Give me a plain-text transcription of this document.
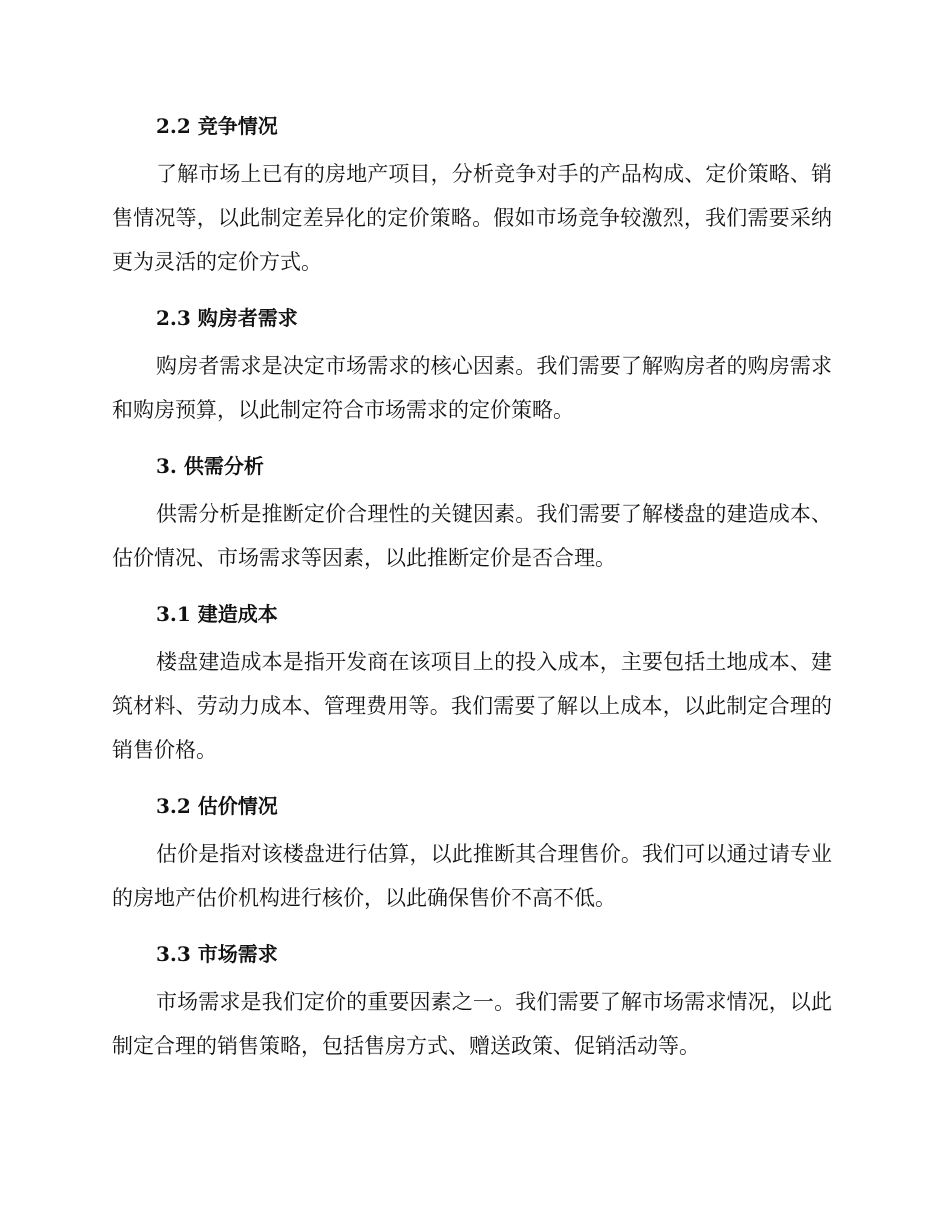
2.2 竞争情况

了解市场上已有的房地产项目，分析竞争对手的产品构成、定价策略、销售情况等，以此制定差异化的定价策略。假如市场竞争较激烈，我们需要采纳更为灵活的定价方式。

2.3 购房者需求

购房者需求是决定市场需求的核心因素。我们需要了解购房者的购房需求和购房预算，以此制定符合市场需求的定价策略。

3. 供需分析

供需分析是推断定价合理性的关键因素。我们需要了解楼盘的建造成本、估价情况、市场需求等因素，以此推断定价是否合理。

3.1 建造成本

楼盘建造成本是指开发商在该项目上的投入成本，主要包括土地成本、建筑材料、劳动力成本、管理费用等。我们需要了解以上成本，以此制定合理的销售价格。

3.2 估价情况

估价是指对该楼盘进行估算，以此推断其合理售价。我们可以通过请专业的房地产估价机构进行核价，以此确保售价不高不低。

3.3 市场需求

市场需求是我们定价的重要因素之一。我们需要了解市场需求情况，以此制定合理的销售策略，包括售房方式、赠送政策、促销活动等。
